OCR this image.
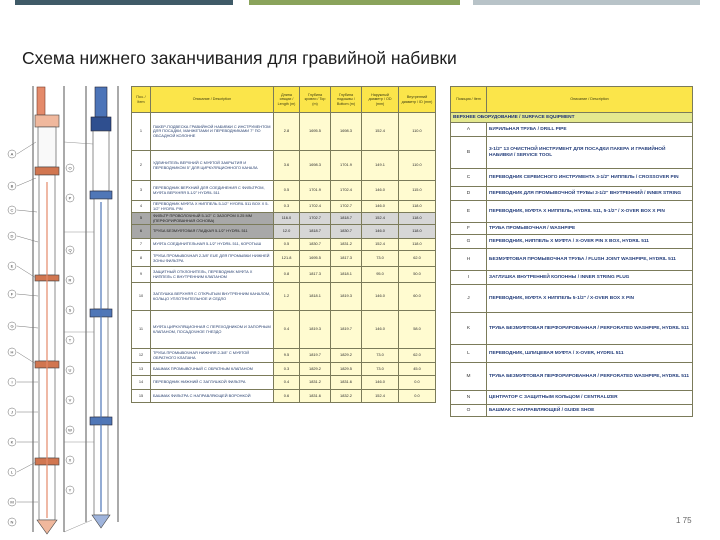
Схема нижнего заканчивания для гравийной набивки
A
B
C
D
E
F
G
H
I
J
K
L
M
N
O
P
Q
R
S
T
U
V
W
X
Y
Поз. / Item	Описание / Description	Длина секции / Length (m)	Глубина кровли / Top (m)	Глубина подошвы / Bottom (m)	Наружный диаметр / OD (mm)	Внутренний диаметр / ID (mm)
1	ПАКЕР-ПОДВЕСКА ГРАВИЙНОЙ НАБИВКИ С ИНСТРУМЕНТОМ ДЛЯ ПОСАДКИ, МАНЖЕТАМИ И ПЕРЕВОДНИКАМИ 7" ПО ОБСАДНОЙ КОЛОННЕ	2.8	1695.5	1698.3	152.4	110.0
2	УДЛИНИТЕЛЬ ВЕРХНИЙ С МУФТОЙ ЗАКРЫТИЯ И ПЕРЕВОДНИКОМ 5" ДЛЯ ЦИРКУЛЯЦИОННОГО КАНАЛА	3.6	1698.3	1701.9	149.1	110.0
3	ПЕРЕВОДНИК ВЕРХНИЙ ДЛЯ СОЕДИНЕНИЯ С ФИЛЬТРОМ, МУФТА ВЕРХНЯЯ 5-1/2" HYDRIL 511	0.5	1701.9	1702.4	146.0	115.0
4	ПЕРЕВОДНИК МУФТА Х НИППЕЛЬ 5-1/2" HYDRIL 511 BOX X 5-1/2" HYDRIL PIN	0.3	1702.4	1702.7	146.0	118.0
5	ФИЛЬТР ПРОВОЛОЧНЫЙ 5-1/2" С ЗАЗОРОМ 0.25 ММ (ПЕРФОРИРОВАННАЯ ОСНОВА)	116.0	1702.7	1818.7	152.4	118.0
6	ТРУБА БЕЗМУФТОВАЯ ГЛАДКАЯ 5-1/2" HYDRIL 511	12.0	1818.7	1830.7	146.0	118.0
7	МУФТА СОЕДИНИТЕЛЬНАЯ 5-1/2" HYDRIL 511, КОРОТЫШ	0.5	1830.7	1831.2	152.4	118.0
8	ТРУБА ПРОМЫВОЧНАЯ 2-3/8" EUE ДЛЯ ПРОМЫВКИ НИЖНЕЙ ЗОНЫ ФИЛЬТРА	121.8	1695.5	1817.3	73.0	62.0
9	ЗАЩИТНЫЙ ОТКЛОНИТЕЛЬ, ПЕРЕВОДНИК МУФТА Х НИППЕЛЬ С ВНУТРЕННИМ КЛАПАНОМ	0.8	1817.3	1818.1	95.0	50.0
10	ЗАГЛУШКА ВЕРХНЯЯ С ОТКРЫТЫМ ВНУТРЕННИМ КАНАЛОМ, КОЛЬЦО УПЛОТНИТЕЛЬНОЕ И СЕДЛО	1.2	1818.1	1819.3	146.0	60.0
11	МУФТА ЦИРКУЛЯЦИОННАЯ С ПЕРЕХОДНИКОМ И ЗАПОРНЫМ КЛАПАНОМ, ПОСАДОЧНОЕ ГНЕЗДО	0.4	1819.3	1819.7	146.0	58.0
12	ТРУБА ПРОМЫВОЧНАЯ НИЖНЯЯ 2-3/8" С МУФТОЙ ОБРАТНОГО КЛАПАНА	9.5	1819.7	1829.2	73.0	62.0
13	БАШМАК ПРОМЫВОЧНЫЙ С ОБРАТНЫМ КЛАПАНОМ	0.3	1829.2	1829.5	73.0	45.0
14	ПЕРЕВОДНИК НИЖНИЙ С ЗАГЛУШКОЙ ФИЛЬТРА	0.4	1831.2	1831.6	146.0	0.0
15	БАШМАК ФИЛЬТРА С НАПРАВЛЯЮЩЕЙ ВОРОНКОЙ	0.6	1831.6	1832.2	152.4	0.0
Позиция / Item	Описание / Description
ВЕРХНЕЕ ОБОРУДОВАНИЕ / SURFACE EQUIPMENT	
A	БУРИЛЬНАЯ ТРУБА / DRILL PIPE
B	3-1/2" 13 ОЧИСТНОЙ ИНСТРУМЕНТ ДЛЯ ПОСАДКИ ПАКЕРА И ГРАВИЙНОЙ НАБИВКИ / SERVICE TOOL
C	ПЕРЕВОДНИК СЕРВИСНОГО ИНСТРУМЕНТА 3-1/2" НИППЕЛЬ / CROSSOVER PIN
D	ПЕРЕВОДНИК ДЛЯ ПРОМЫВОЧНОЙ ТРУБЫ 3-1/2" ВНУТРЕННИЙ / INNER STRING
E	ПЕРЕВОДНИК, МУФТА X НИППЕЛЬ, HYDRIL 511, 5-1/2" / X-OVER BOX X PIN
F	ТРУБА ПРОМЫВОЧНАЯ / WASHPIPE
G	ПЕРЕВОДНИК, НИППЕЛЬ X МУФТА / X-OVER PIN X BOX, HYDRIL 511
H	БЕЗМУФТОВАЯ ПРОМЫВОЧНАЯ ТРУБА / FLUSH JOINT WASHPIPE, HYDRIL 511
I	ЗАГЛУШКА ВНУТРЕННЕЙ КОЛОННЫ / INNER STRING PLUG
J	ПЕРЕВОДНИК, МУФТА X НИППЕЛЬ 5-1/2" / X-OVER BOX X PIN
K	ТРУБА БЕЗМУФТОВАЯ ПЕРФОРИРОВАННАЯ / PERFORATED WASHPIPE, HYDRIL 511
L	ПЕРЕВОДНИК, ШЛИЦЕВАЯ МУФТА / X-OVER, HYDRIL 511
M	ТРУБА БЕЗМУФТОВАЯ ПЕРФОРИРОВАННАЯ / PERFORATED WASHPIPE, HYDRIL 511
N	ЦЕНТРАТОР С ЗАЩИТНЫМ КОЛЬЦОМ / CENTRALIZER
O	БАШМАК С НАПРАВЛЯЮЩЕЙ / GUIDE SHOE
1 75
